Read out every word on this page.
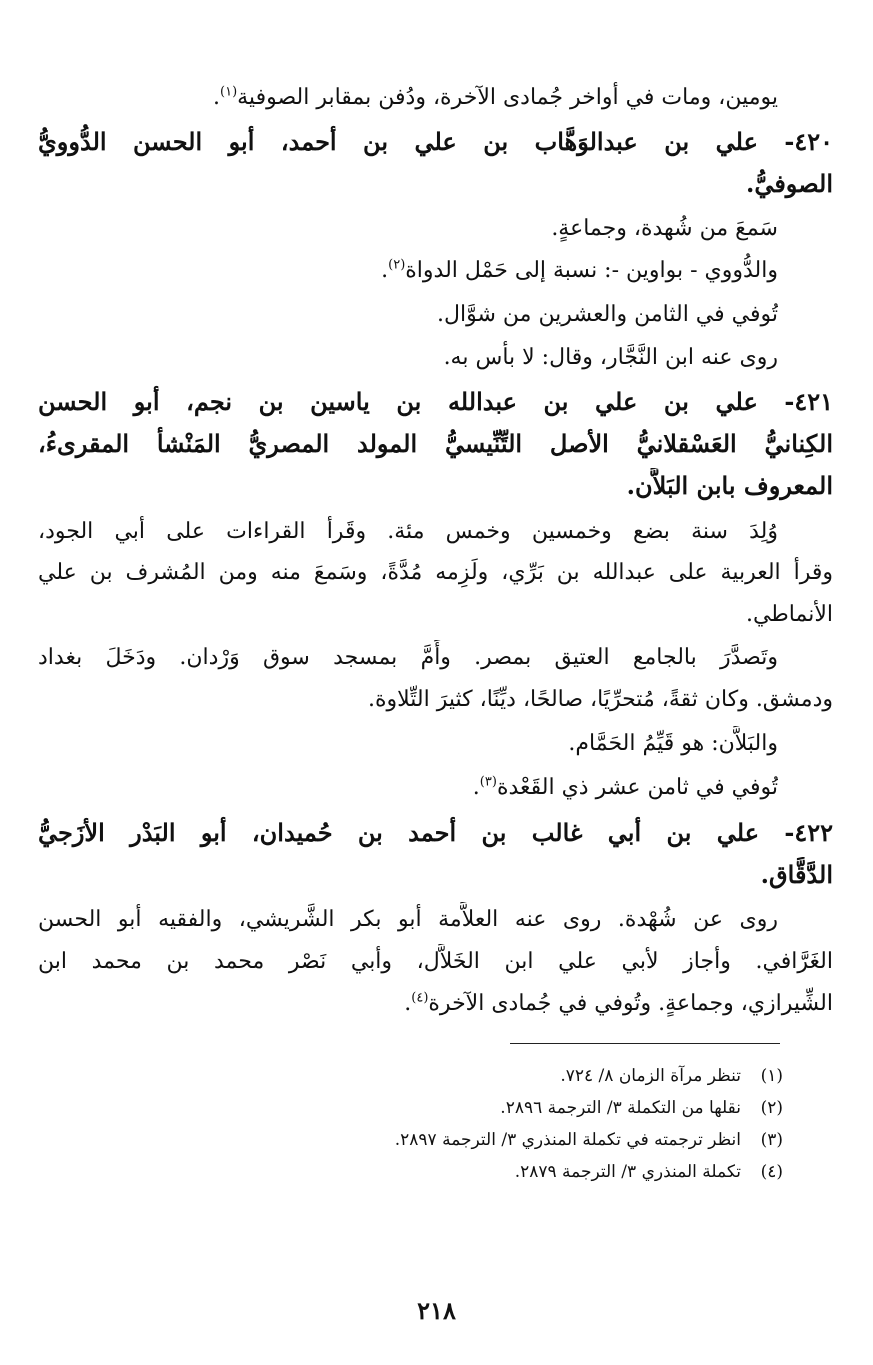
يومين، ومات في أواخر جُمادى الآخرة، ودُفن بمقابر الصوفية$^{(١)}$.
٤٢٠- علي بن عبدالوَهَّاب بن علي بن أحمد، أبو الحسن الدُّوويُّ
الصوفيُّ.
سَمعَ من شُهدة، وجماعةٍ.
والدُّووي - بواوين -: نسبة إلى حَمْل الدواة$^{(٢)}$.
تُوفي في الثامن والعشرين من شوَّال.
روى عنه ابن النَّجَّار، وقال: لا بأس به.
٤٢١- علي بن علي بن عبدالله بن ياسين بن نجم، أبو الحسن
الكِنانيُّ العَسْقلانيُّ الأصل التِّنِّيسيُّ المولد المصريُّ المَنْشأ المقرىءُ،
المعروف بابن البَلاَّن.
وُلِدَ سنة بضع وخمسين وخمس مئة. وقَرأ القراءات على أبي الجود،
وقرأ العربية على عبدالله بن بَرِّي، ولَزِمه مُدَّةً، وسَمعَ منه ومن المُشرف بن علي
الأنماطي.
وتَصدَّرَ بالجامع العتيق بمصر. وأَمَّ بمسجد سوق وَرْدان. ودَخَلَ بغداد
ودمشق. وكان ثقةً، مُتحرِّيًا، صالحًا، ديِّنًا، كثيرَ التِّلاوة.
والبَلاَّن: هو قَيِّمُ الحَمَّام.
تُوفي في ثامن عشر ذي القَعْدة$^{(٣)}$.
٤٢٢- علي بن أبي غالب بن أحمد بن حُميدان، أبو البَدْر الأزَجيُّ
الدَّقَّاق.
روى عن شُهْدة. روى عنه العلاَّمة أبو بكر الشَّريشي، والفقيه أبو الحسن
الغَرَّافي. وأجاز لأبي علي ابن الخَلاَّل، وأبي نَصْر محمد بن محمد ابن
الشِّيرازي، وجماعةٍ. وتُوفي في جُمادى الآخرة$^{(٤)}$.
(١)تنظر مرآة الزمان ٨/ ٧٢٤.
(٢)نقلها من التكملة ٣/ الترجمة ٢٨٩٦.
(٣)انظر ترجمته في تكملة المنذري ٣/ الترجمة ٢٨٩٧.
(٤)تكملة المنذري ٣/ الترجمة ٢٨٧٩.
٢١٨
